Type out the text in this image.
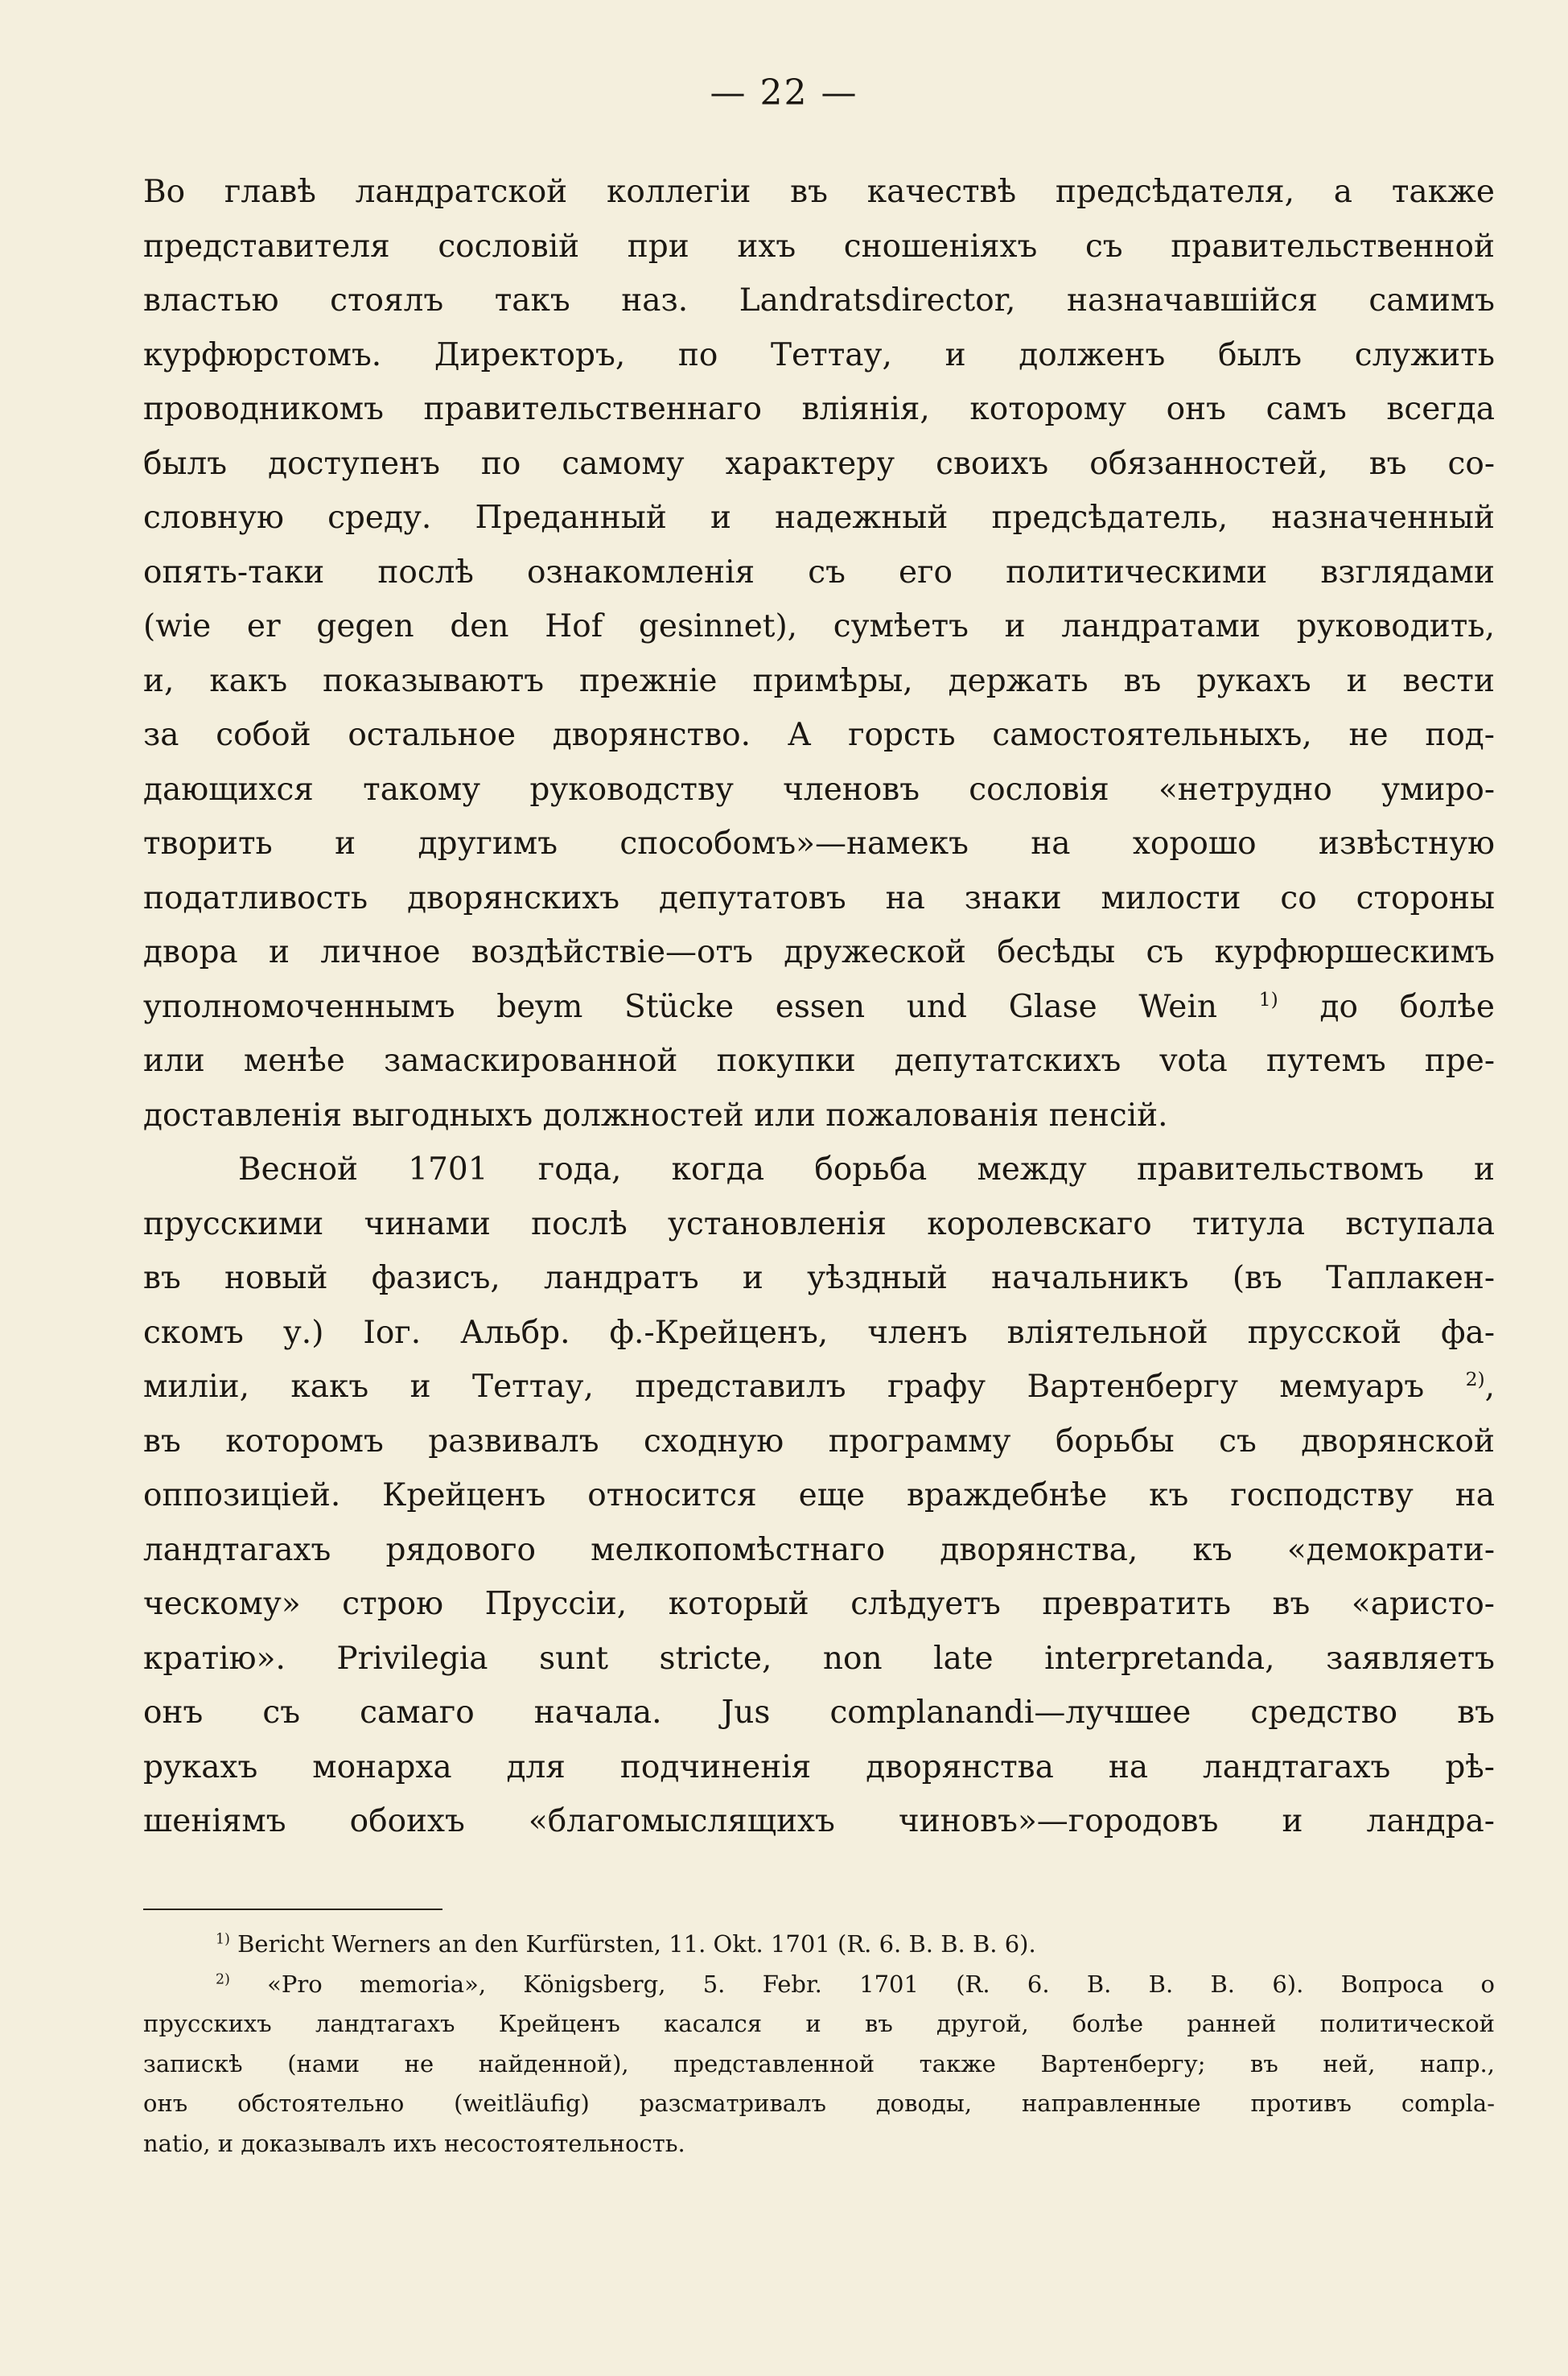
— 22 —

Во главѣ ландратской коллегіи въ качествѣ предсѣдателя, а также

представителя сословій при ихъ сношеніяхъ съ правительственной

властью стоялъ такъ наз. Landratsdirector, назначавшійся самимъ

курфюрстомъ. Директоръ, по Теттау, и долженъ былъ служить

проводникомъ правительственнаго вліянія, которому онъ самъ всегда

былъ доступенъ по самому характеру своихъ обязанностей, въ со-

словную среду. Преданный и надежный предсѣдатель, назначенный

опять-таки послѣ ознакомленія съ его политическими взглядами

(wie er gegen den Hof gesinnet), сумѣетъ и ландратами руководить,

и, какъ показываютъ прежніе примѣры, держать въ рукахъ и вести

за собой остальное дворянство. А горсть самостоятельныхъ, не под-

дающихся такому руководству членовъ сословія «нетрудно умиро-

творить и другимъ способомъ»—намекъ на хорошо извѣстную

податливость дворянскихъ депутатовъ на знаки милости со стороны

двора и личное воздѣйствіе—отъ дружеской бесѣды съ курфюршескимъ

уполномоченнымъ beym Stücke essen und Glase Wein $^{1)}$ до болѣе

или менѣе замаскированной покупки депутатскихъ vota путемъ пре-

доставленія выгодныхъ должностей или пожалованія пенсій.

Весной 1701 года, когда борьба между правительствомъ и

прусскими чинами послѣ установленія королевскаго титула вступала

въ новый фазисъ, ландратъ и уѣздный начальникъ (въ Таплакен-

скомъ у.) Іог. Альбр. ф.-Крейценъ, членъ вліятельной прусской фа-

миліи, какъ и Теттау, представилъ графу Вартенбергу мемуаръ $^{2)}$,

въ которомъ развивалъ сходную программу борьбы съ дворянской

оппозиціей. Крейценъ относится еще враждебнѣе къ господству на

ландтагахъ рядового мелкопомѣстнаго дворянства, къ «демократи-

ческому» строю Пруссіи, который слѣдуетъ превратить въ «аристо-

кратію». Privilegia sunt stricte, non late interpretanda, заявляетъ

онъ съ самаго начала. Jus complanandi—лучшее средство въ

рукахъ монарха для подчиненія дворянства на ландтагахъ рѣ-

шеніямъ обоихъ «благомыслящихъ чиновъ»—городовъ и ландра-

$^{1)}$ Bericht Werners an den Kurfürsten, 11. Okt. 1701 (R. 6. B. B. B. 6).

$^{2)}$ «Pro memoria», Königsberg, 5. Febr. 1701 (R. 6. B. B. B. 6). Вопроса о

прусскихъ ландтагахъ Крейценъ касался и въ другой, болѣе ранней политической

запискѣ (нами не найденной), представленной также Вартенбергу; въ ней, напр.,

онъ обстоятельно (weitläufig) разсматривалъ доводы, направленные противъ compla-

natio, и доказывалъ ихъ несостоятельность.
